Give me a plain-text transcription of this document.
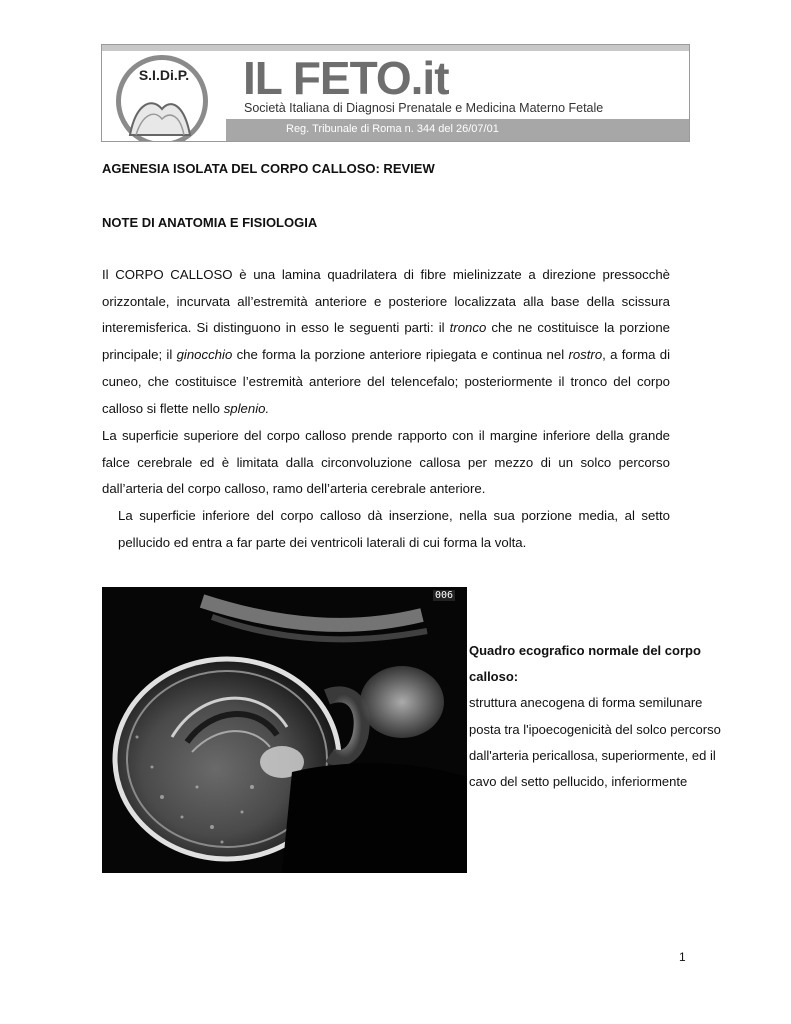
S.I.Di.P.	IL FETO.it
Società Italiana di Diagnosi Prenatale e Medicina Materno Fetale
Reg. Tribunale di Roma n. 344 del 26/07/01
AGENESIA ISOLATA DEL CORPO CALLOSO: REVIEW
NOTE DI ANATOMIA E FISIOLOGIA

Il CORPO CALLOSO è una lamina quadrilatera di fibre mielinizzate a direzione pressocchè orizzontale, incurvata all’estremità anteriore e posteriore localizzata alla base della scissura interemisferica. Si distinguono in esso le seguenti parti: il tronco che ne costituisce la porzione principale; il ginocchio che forma la porzione anteriore ripiegata e continua nel rostro, a forma di cuneo, che costituisce l’estremità anteriore del telencefalo; posteriormente il tronco del corpo calloso si flette nello splenio.

La superficie superiore del corpo calloso prende rapporto con il margine inferiore della grande falce cerebrale ed è limitata dalla circonvoluzione callosa per mezzo di un solco percorso dall’arteria del corpo calloso, ramo dell’arteria cerebrale anteriore.

La superficie inferiore del corpo calloso dà inserzione, nella sua porzione media, al setto pellucido ed entra a far parte dei ventricoli laterali di cui forma la volta.

006
Quadro ecografico normale del corpo calloso:
struttura anecogena di forma semilunare posta tra l'ipoecogenicità del solco percorso dall'arteria pericallosa, superiormente, ed il cavo del setto pellucido, inferiormente
1
